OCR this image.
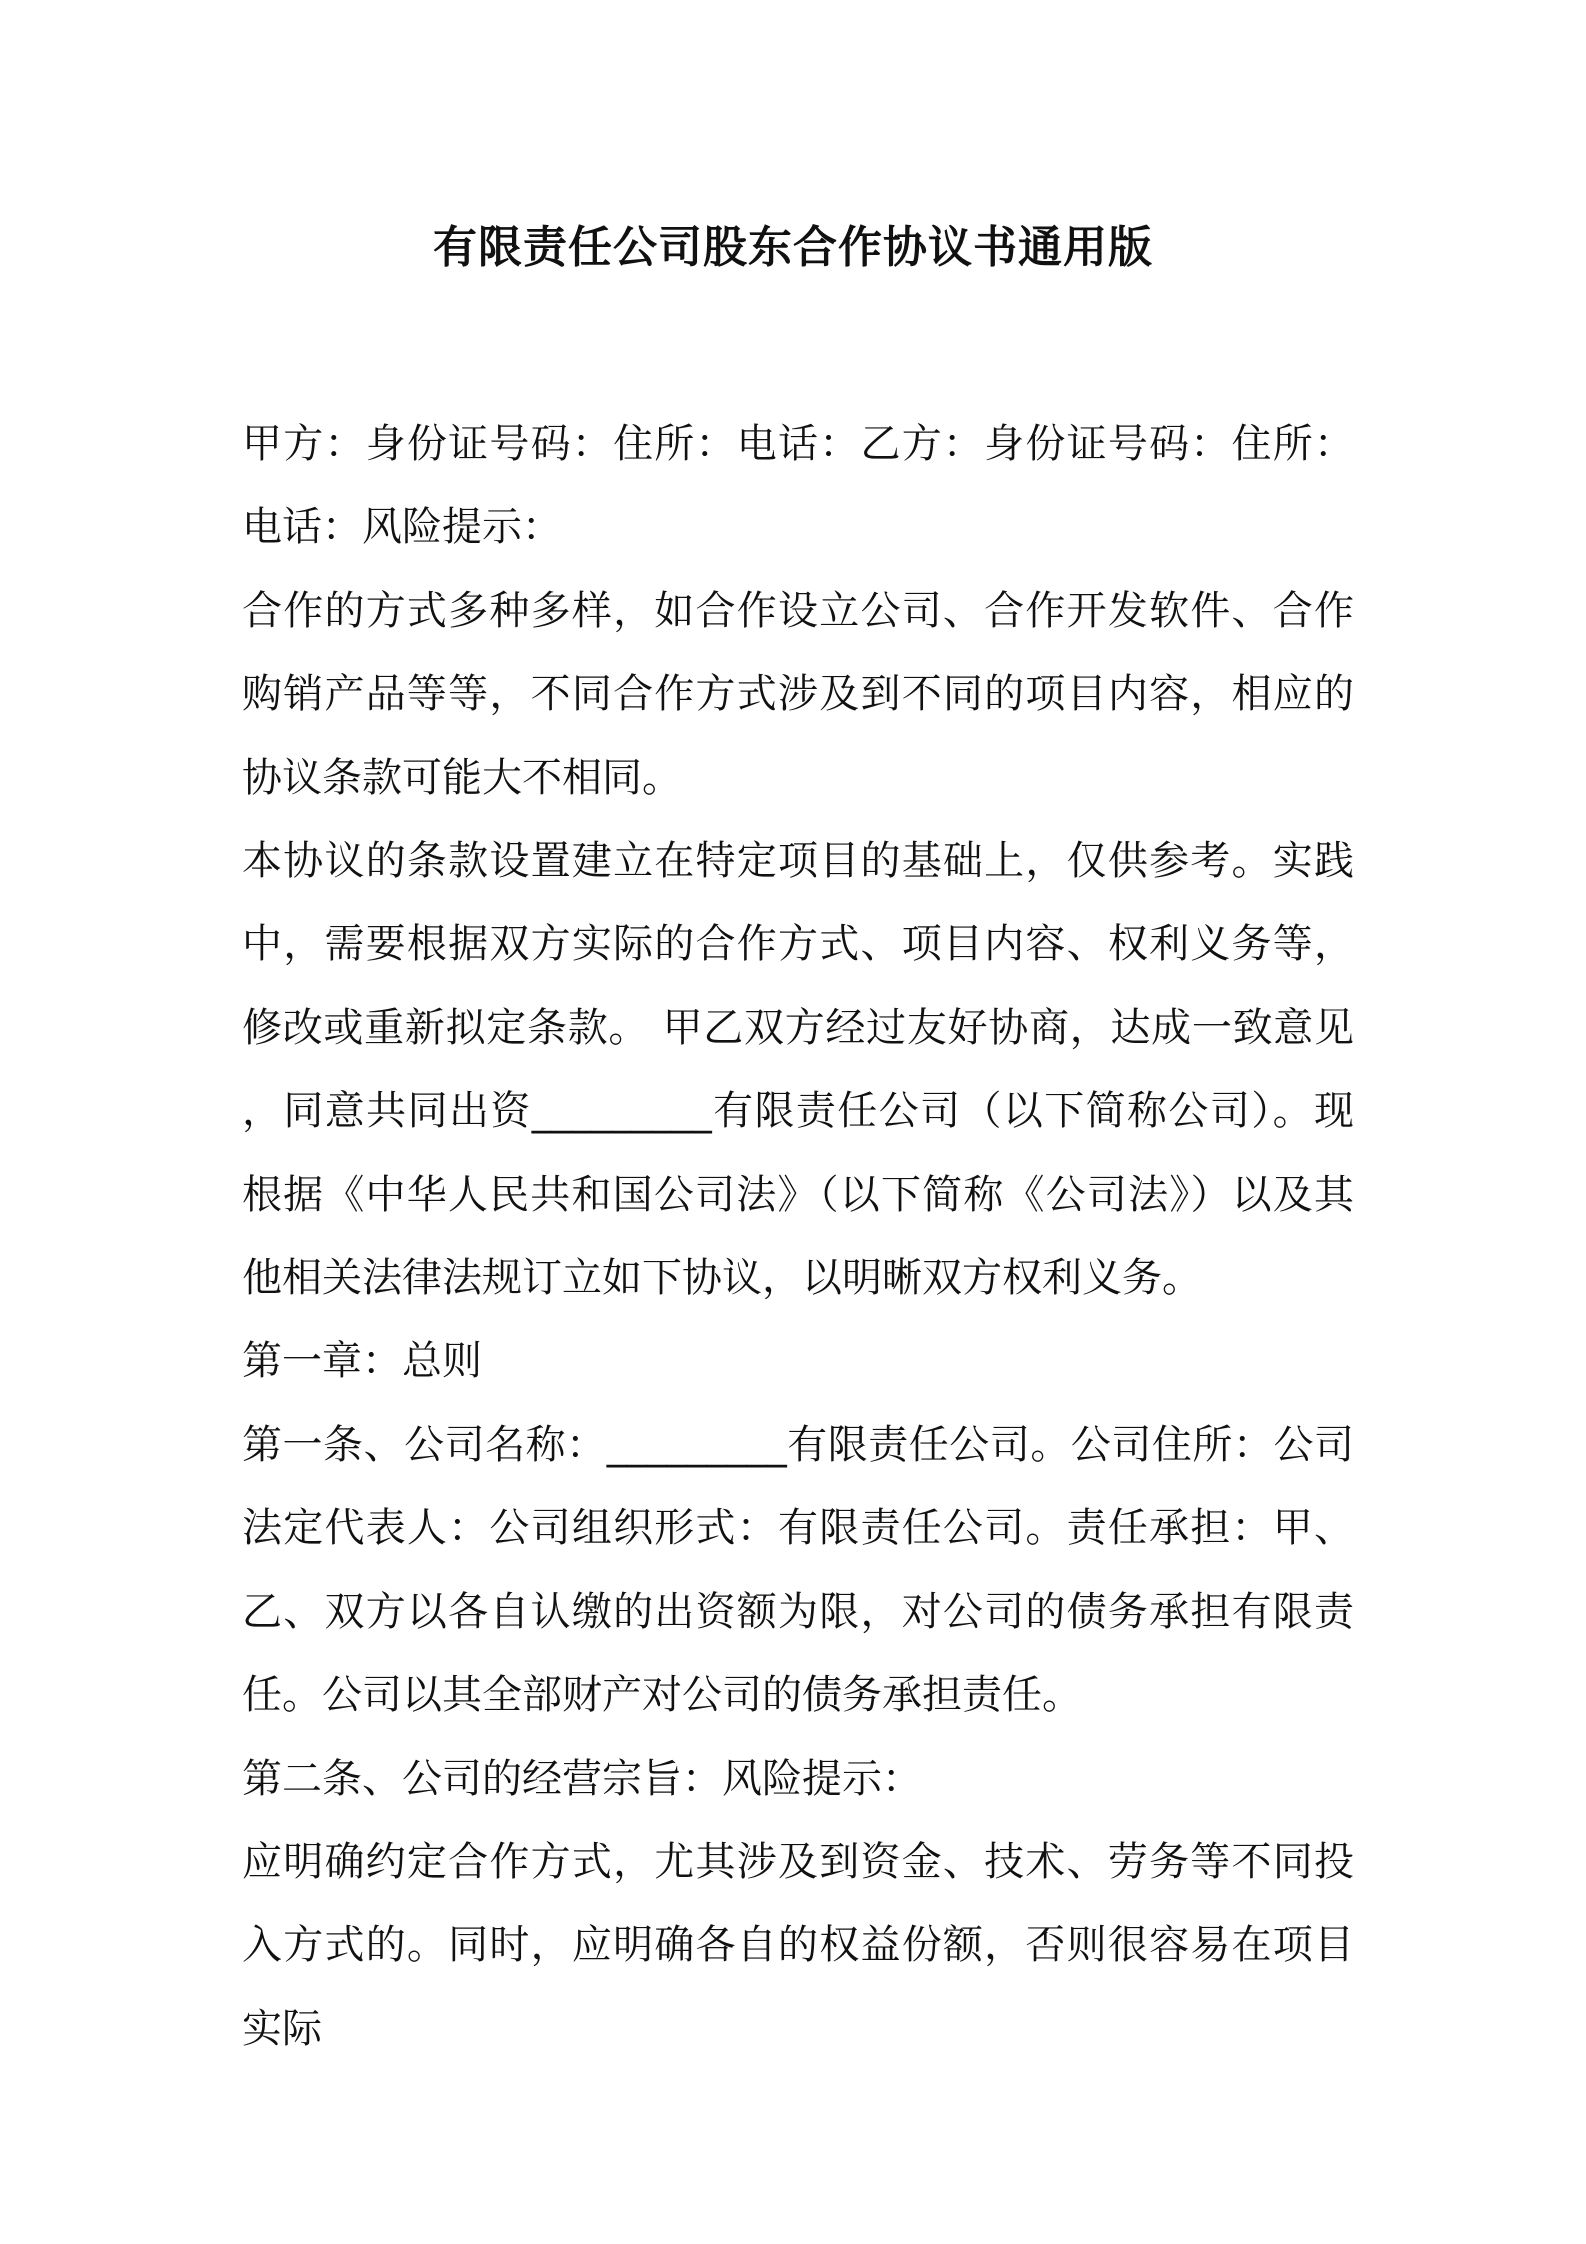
有限责任公司股东合作协议书通用版

甲方：身份证号码：住所：电话：乙方：身份证号码：住所：电话：风险提示：

合作的方式多种多样，如合作设立公司、合作开发软件、合作购销产品等等，不同合作方式涉及到不同的项目内容，相应的协议条款可能大不相同。

本协议的条款设置建立在特定项目的基础上，仅供参考。实践中，需要根据双方实际的合作方式、项目内容、权利义务等，修改或重新拟定条款。 甲乙双方经过友好协商，达成一致意见，同意共同出资_________有限责任公司（以下简称公司）。现根据《中华人民共和国公司法》（以下简称《公司法》）以及其他相关法律法规订立如下协议，以明晰双方权利义务。

第一章：总则

第一条、公司名称：_________有限责任公司。公司住所：公司法定代表人：公司组织形式：有限责任公司。责任承担：甲、乙、双方以各自认缴的出资额为限，对公司的债务承担有限责任。公司以其全部财产对公司的债务承担责任。

第二条、公司的经营宗旨：风险提示：

应明确约定合作方式，尤其涉及到资金、技术、劳务等不同投入方式的。同时，应明确各自的权益份额，否则很容易在项目实际
